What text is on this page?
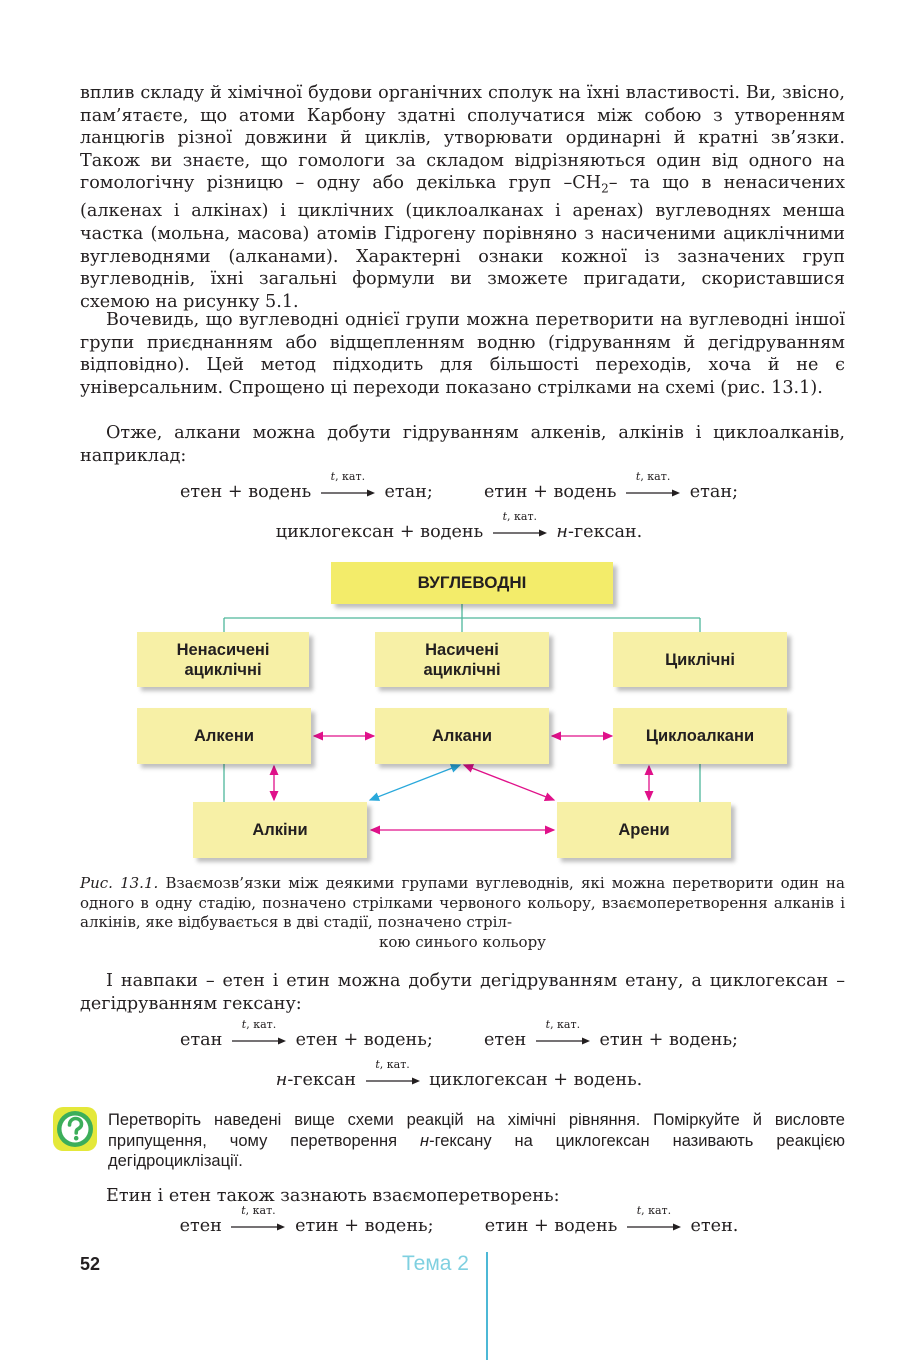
вплив складу й хімічної будови органічних сполук на їхні властивості. Ви, звісно, пам’ятаєте, що атоми Карбону здатні сполучатися між собою з утворенням ланцюгів різної довжини й циклів, утворювати ординарні й кратні зв’язки. Також ви знаєте, що гомологи за складом відрізняються один від одного на гомологічну різницю – одну або декілька груп $-CH_2-$ та що в ненасичених (алкенах і алкінах) і циклічних (циклоалканах і аренах) вуглеводнях менша частка (мольна, масова) атомів Гідрогену порівняно з насиченими ациклічними вуглеводнями (алканами). Характерні ознаки кожної із зазначених груп вуглеводнів, їхні загальні формули ви зможете пригадати, скориставшися схемою на рисунку 5.1.

Вочевидь, що вуглеводні однієї групи можна перетворити на вуглеводні іншої групи приєднанням або відщепленням водню (гідруванням й дегідруванням відповідно). Цей метод підходить для більшості переходів, хоча й не є універсальним. Спрощено ці переходи показано стрілками на схемі (рис. 13.1).

Отже, алкани можна добути гідруванням алкенів, алкінів і циклоалканів, наприклад:

етен + водень
t, кат.
етан;	етин + водень
t, кат.
етан;
циклогексан + водень
t, кат.
н-гексан.
ВУГЛЕВОДНІ
Ненасичені
ациклічні
Насичені
ациклічні
Циклічні
Алкени	Алкани	Циклоалкани
Алкіни	Арени
Рис. 13.1. Взаємозв’язки між деякими групами вуглеводнів, які можна перетворити один на одного в одну стадію, позначено стрілками червоного кольору, взаємоперетворення алканів і алкінів, яке відбувається в дві стадії, позначено стріл-
кою синього кольору

І навпаки – етен і етин можна добути дегідруванням етану, а циклогексан – дегідруванням гексану:

етан
t, кат.
етен + водень;	етен
t, кат.
етин + водень;
н-гексан
t, кат.
циклогексан + водень.
Перетворіть наведені вище схеми реакцій на хімічні рівняння. Поміркуйте й висловте припущення, чому перетворення н-гексану на циклогексан називають реакцією дегідроциклізації.

Етин і етен також зазнають взаємоперетворень:

етен
t, кат.
етин + водень;	етин + водень
t, кат.
етен.
52	Тема 2
